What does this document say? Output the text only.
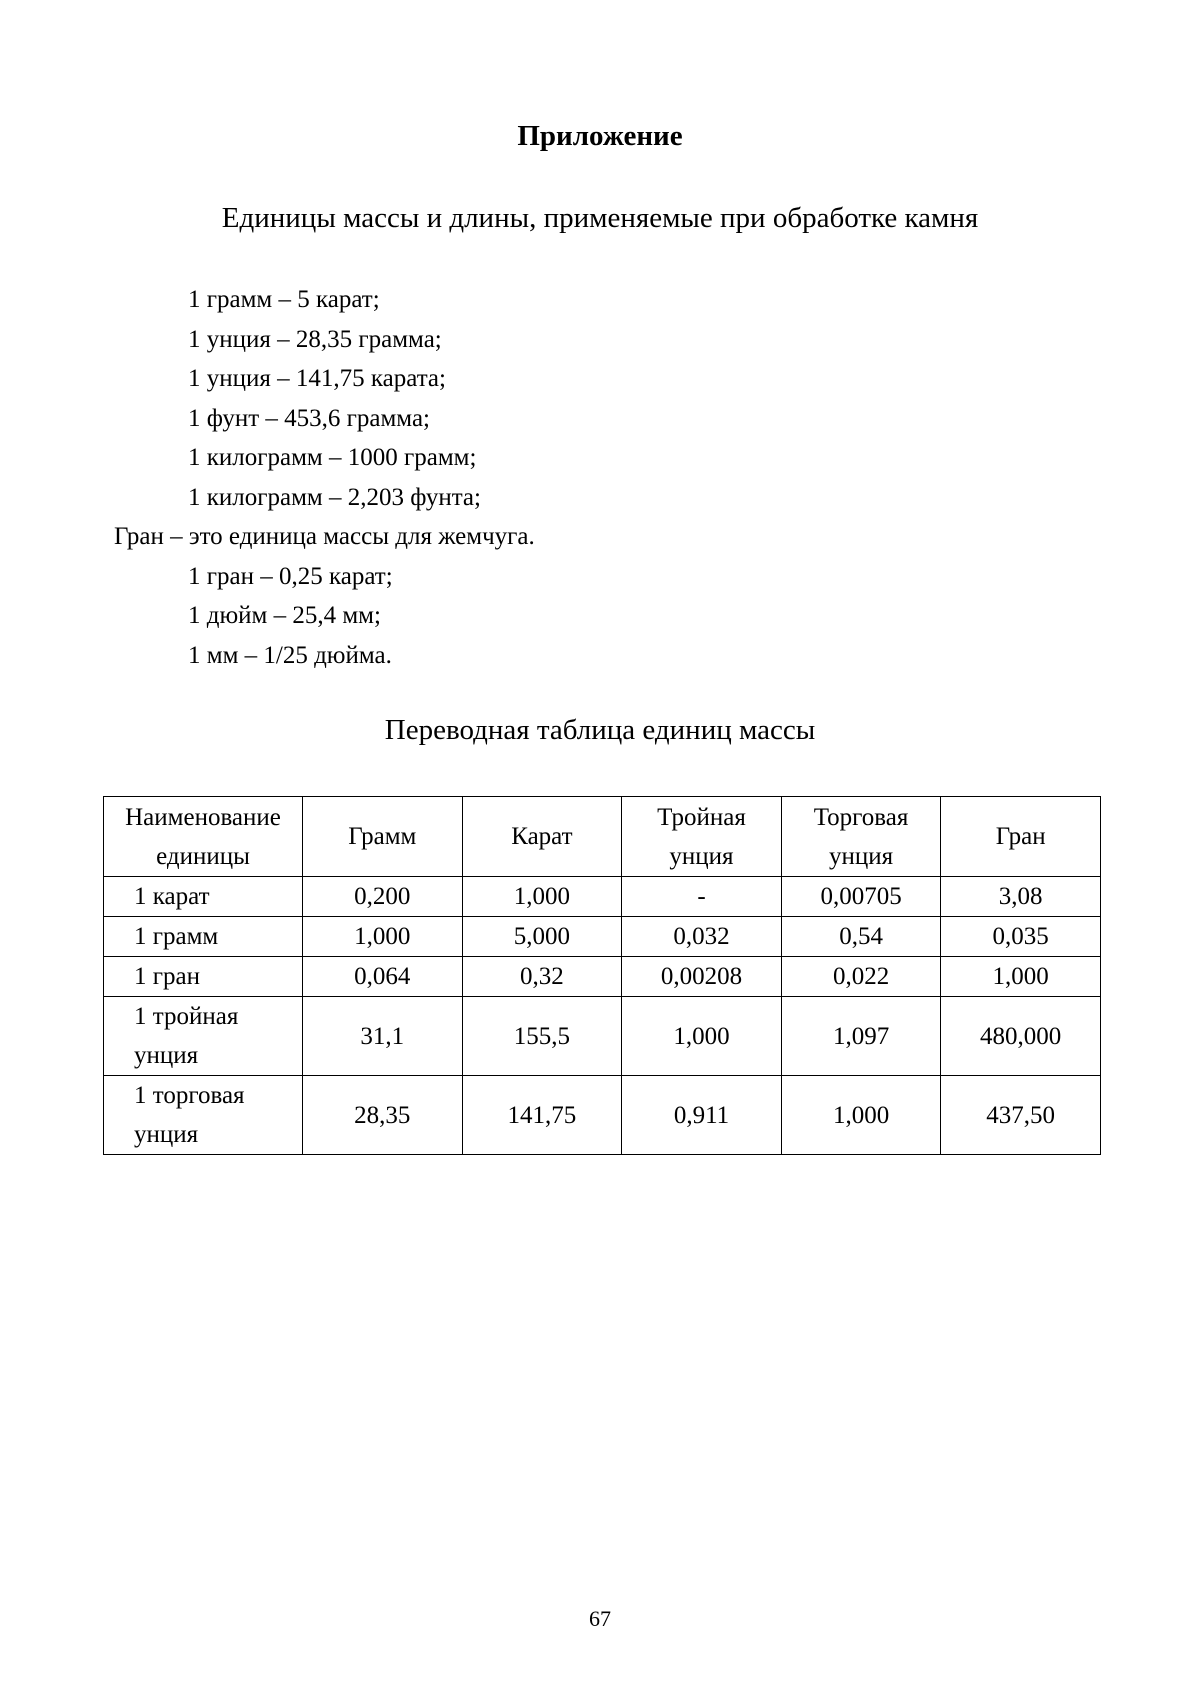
Приложение
Единицы массы и длины, применяемые при обработке камня
1 грамм – 5 карат;
1 унция – 28,35 грамма;
1 унция – 141,75 карата;
1 фунт – 453,6 грамма;
1 килограмм – 1000 грамм;
1 килограмм – 2,203 фунта;
Гран – это единица массы для жемчуга.
1 гран – 0,25 карат;
1 дюйм – 25,4 мм;
1 мм – 1/25 дюйма.
Переводная таблица единиц массы
Наименование единицы	Грамм	Карат	Тройная унция	Торговая унция	Гран
1 карат	0,200	1,000	-	0,00705	3,08
1 грамм	1,000	5,000	0,032	0,54	0,035
1 гран	0,064	0,32	0,00208	0,022	1,000
1 тройная унция	31,1	155,5	1,000	1,097	480,000
1 торговая унция	28,35	141,75	0,911	1,000	437,50
67
